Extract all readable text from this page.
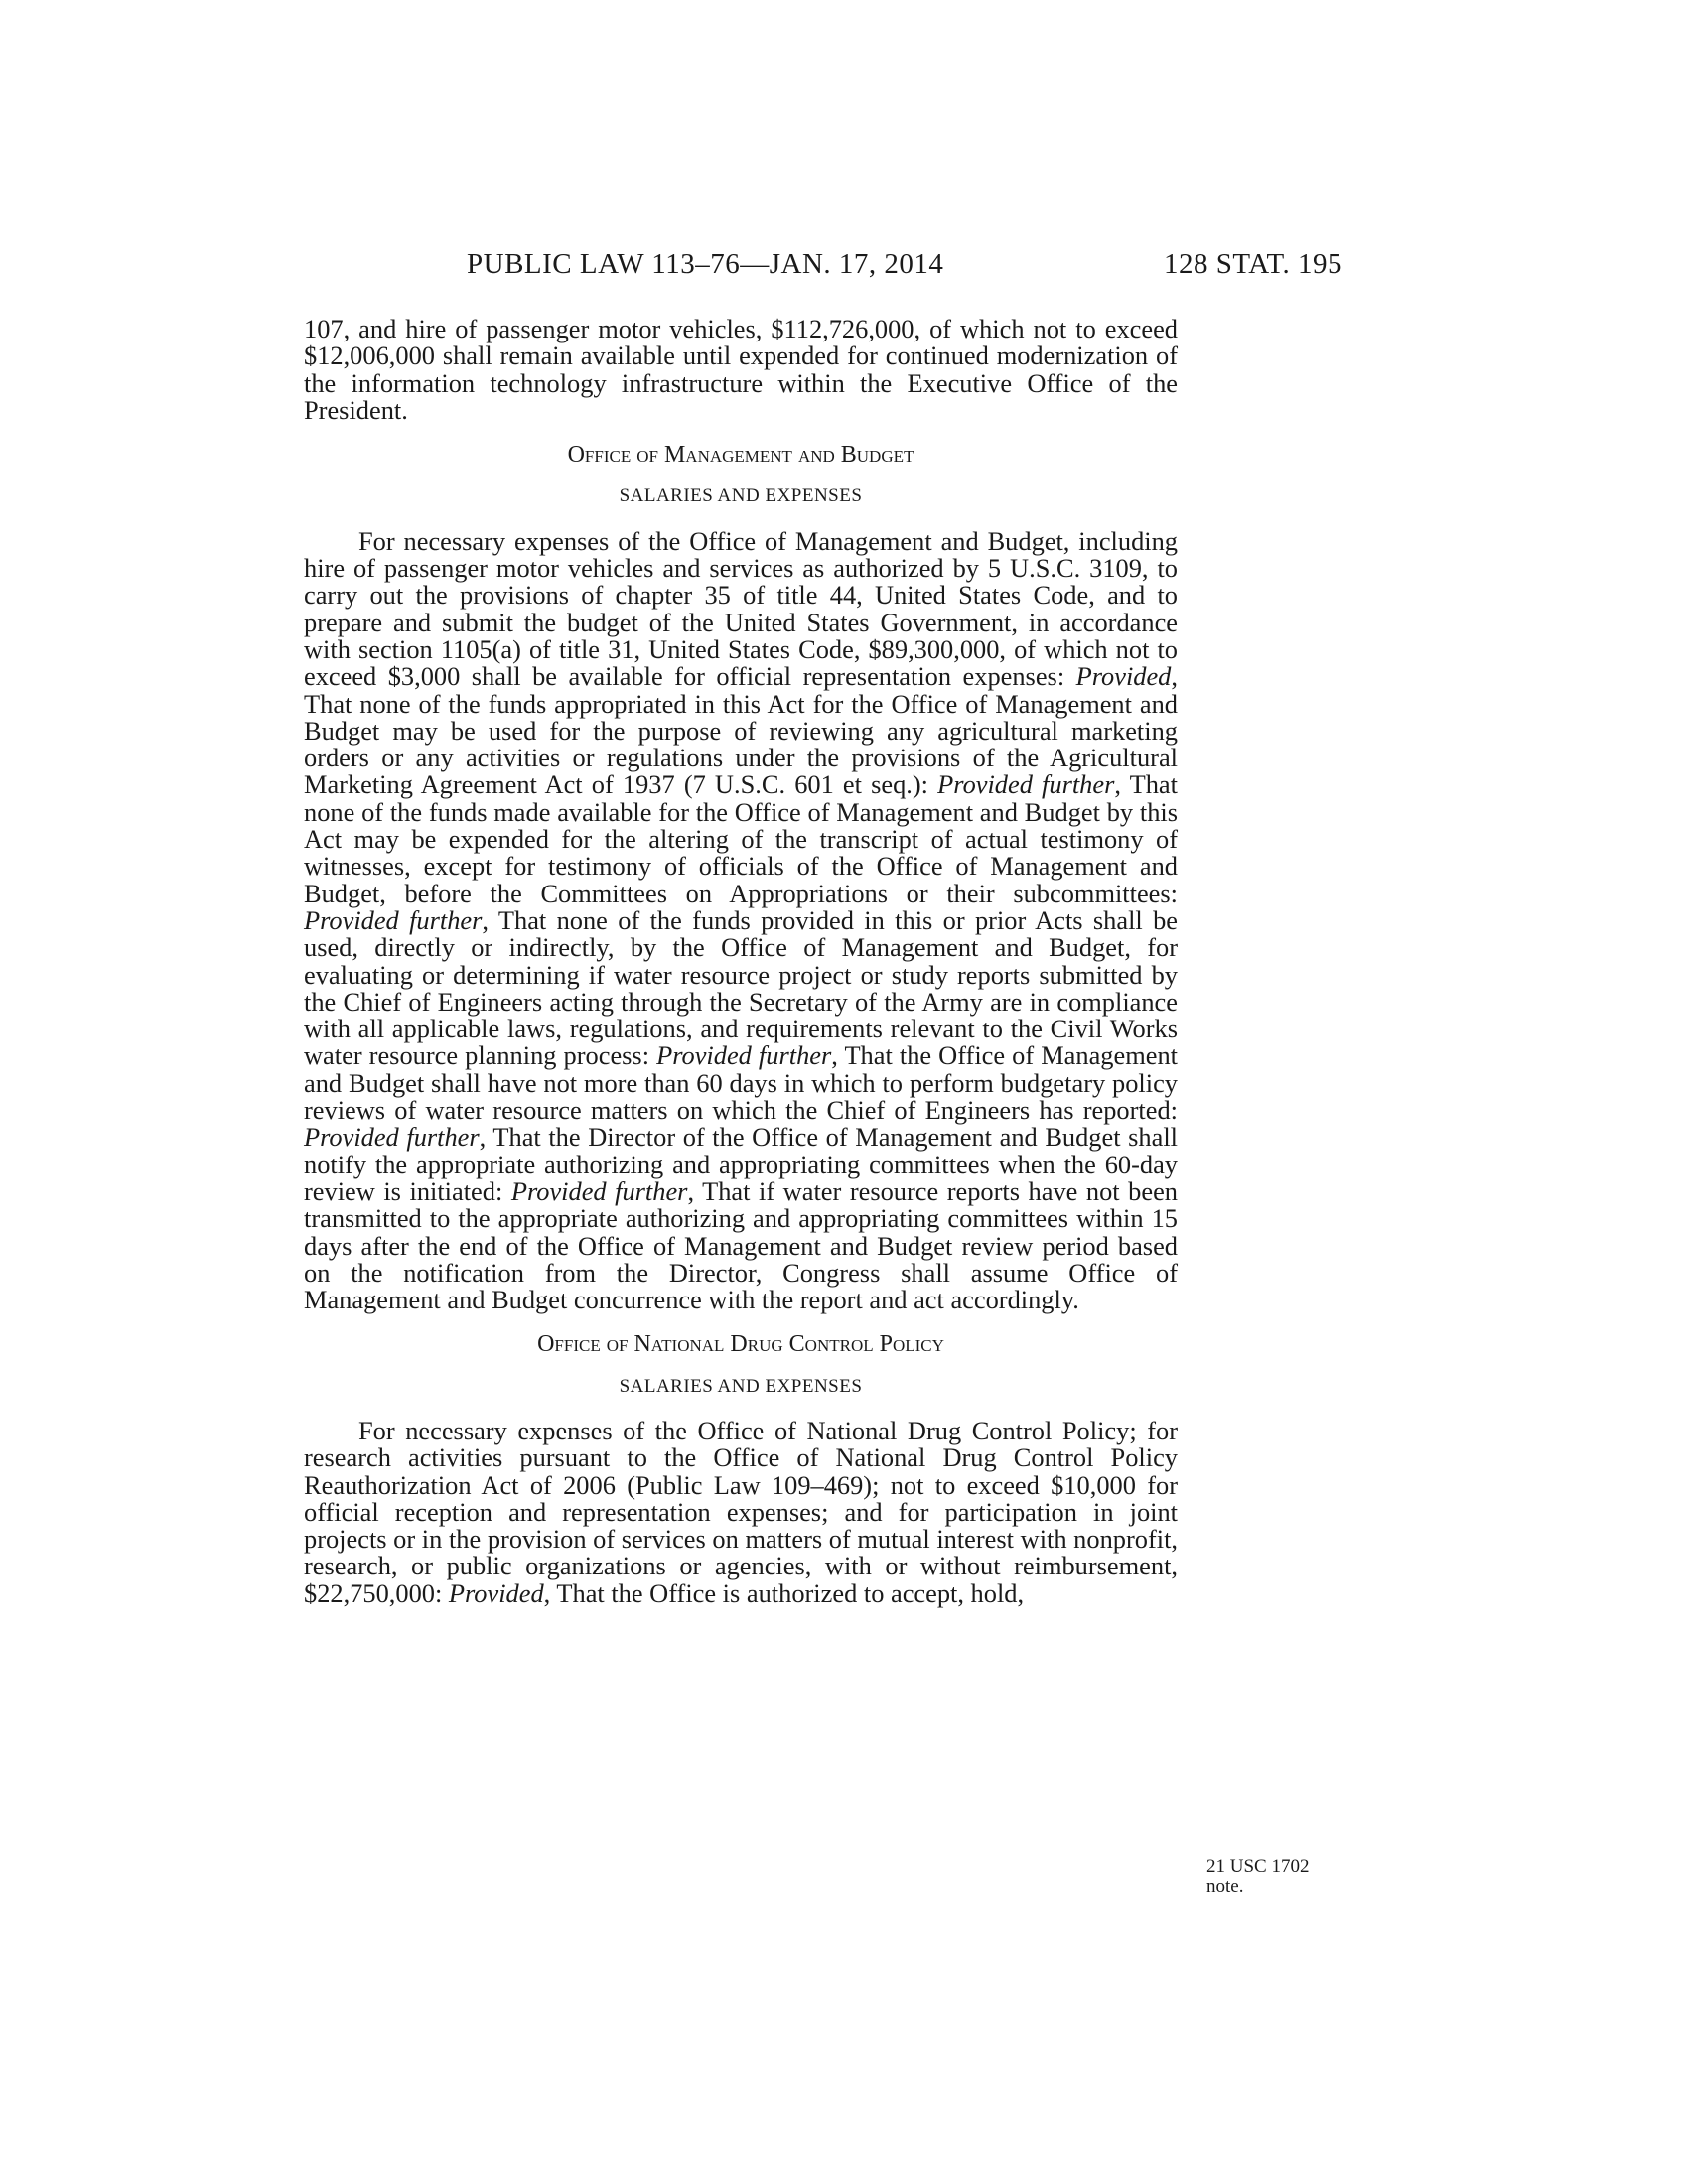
PUBLIC LAW 113–76—JAN. 17, 2014	128 STAT. 195

107, and hire of passenger motor vehicles, $112,726,000, of which not to exceed $12,006,000 shall remain available until expended for continued modernization of the information technology infrastructure within the Executive Office of the President.

Office of Management and Budget
SALARIES AND EXPENSES

For necessary expenses of the Office of Management and Budget, including hire of passenger motor vehicles and services as authorized by 5 U.S.C. 3109, to carry out the provisions of chapter 35 of title 44, United States Code, and to prepare and submit the budget of the United States Government, in accordance with section 1105(a) of title 31, United States Code, $89,300,000, of which not to exceed $3,000 shall be available for official representation expenses: Provided, That none of the funds appropriated in this Act for the Office of Management and Budget may be used for the purpose of reviewing any agricultural marketing orders or any activities or regulations under the provisions of the Agricultural Marketing Agreement Act of 1937 (7 U.S.C. 601 et seq.): Provided further, That none of the funds made available for the Office of Management and Budget by this Act may be expended for the altering of the transcript of actual testimony of witnesses, except for testimony of officials of the Office of Management and Budget, before the Committees on Appropriations or their subcommittees: Provided further, That none of the funds provided in this or prior Acts shall be used, directly or indirectly, by the Office of Management and Budget, for evaluating or determining if water resource project or study reports submitted by the Chief of Engineers acting through the Secretary of the Army are in compliance with all applicable laws, regulations, and requirements relevant to the Civil Works water resource planning process: Provided further, That the Office of Management and Budget shall have not more than 60 days in which to perform budgetary policy reviews of water resource matters on which the Chief of Engineers has reported: Provided further, That the Director of the Office of Management and Budget shall notify the appropriate authorizing and appropriating committees when the 60-day review is initiated: Provided further, That if water resource reports have not been transmitted to the appropriate authorizing and appropriating committees within 15 days after the end of the Office of Management and Budget review period based on the notification from the Director, Congress shall assume Office of Management and Budget concurrence with the report and act accordingly.

Office of National Drug Control Policy
SALARIES AND EXPENSES

For necessary expenses of the Office of National Drug Control Policy; for research activities pursuant to the Office of National Drug Control Policy Reauthorization Act of 2006 (Public Law 109–469); not to exceed $10,000 for official reception and representation expenses; and for participation in joint projects or in the provision of services on matters of mutual interest with nonprofit, research, or public organizations or agencies, with or without reimbursement, $22,750,000: Provided, That the Office is authorized to accept, hold,

21 USC 1702
note.
